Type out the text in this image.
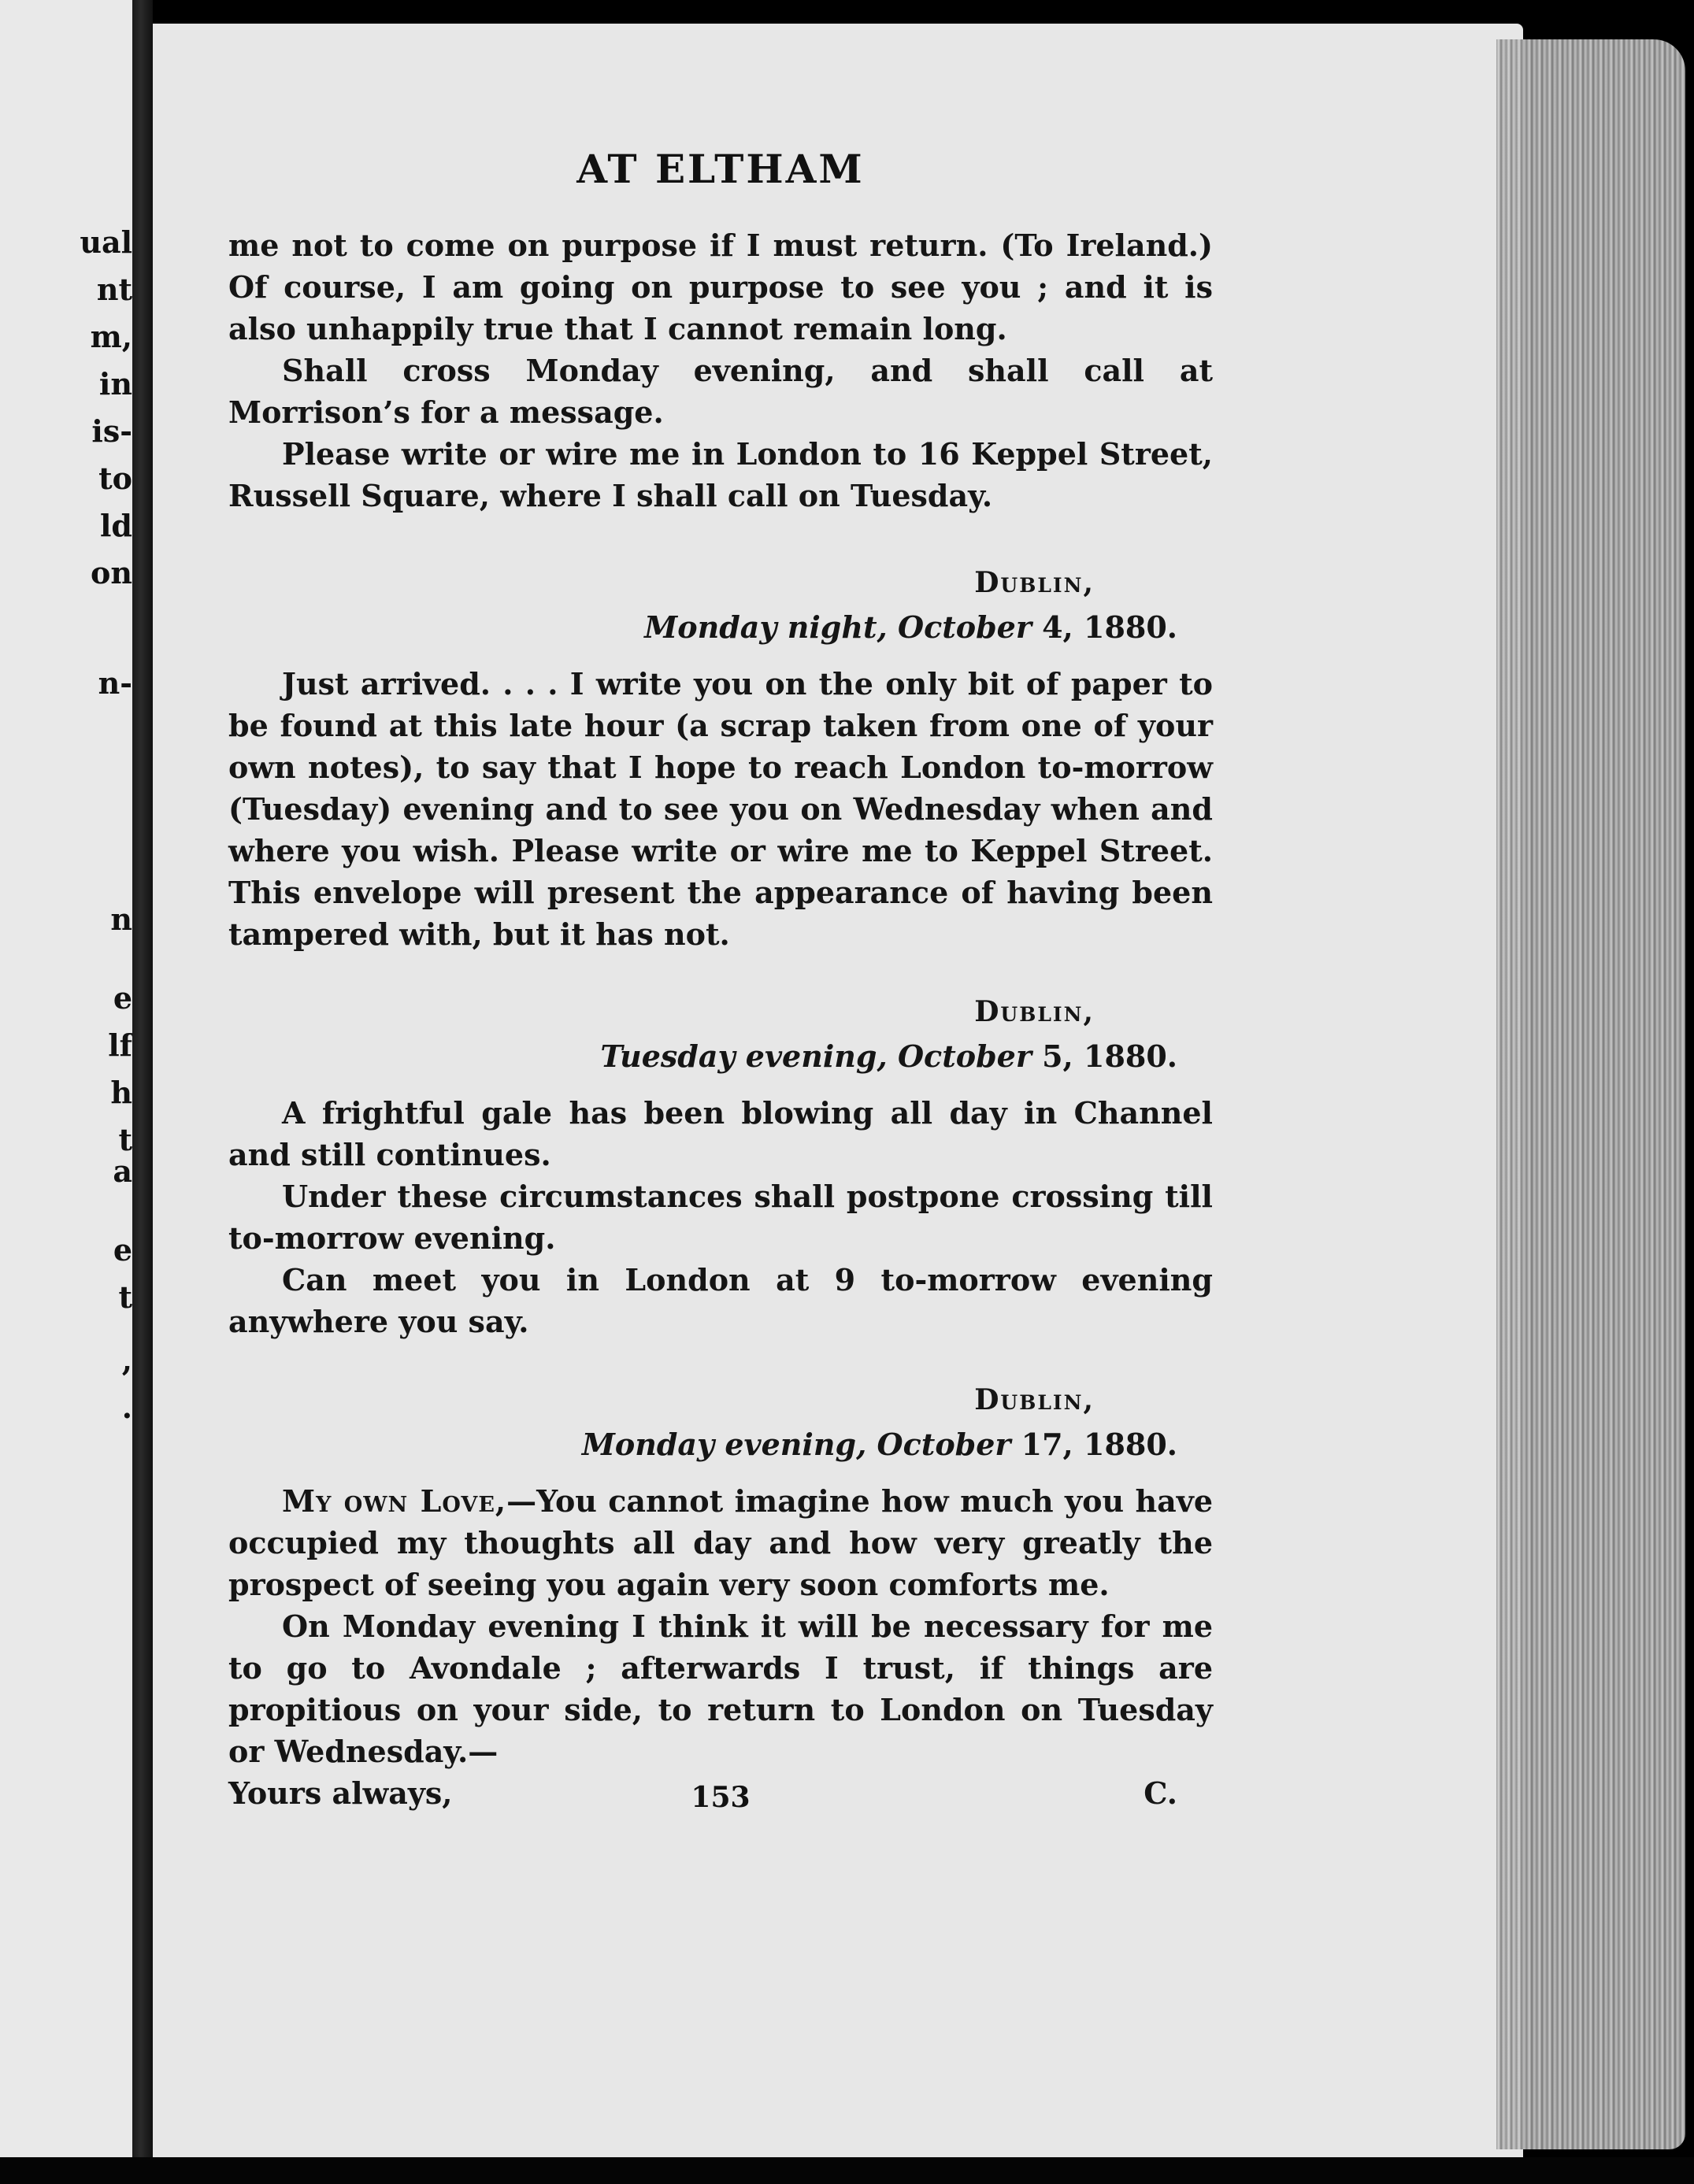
ual
nt
m,
in
is-
to
ld
on
n-
n
e
lf
h
t
a
e
t
,
.
AT ELTHAM

me not to come on purpose if I must return. (To Ireland.) Of course, I am going on purpose to see you ; and it is also unhappily true that I cannot remain long.

Shall cross Monday evening, and shall call at Morrison’s for a message.

Please write or wire me in London to 16 Keppel Street, Russell Square, where I shall call on Tuesday.

Dublin,
Monday night, October 4, 1880.

Just arrived. . . . I write you on the only bit of paper to be found at this late hour (a scrap taken from one of your own notes), to say that I hope to reach London to-morrow (Tuesday) evening and to see you on Wednesday when and where you wish. Please write or wire me to Keppel Street. This envelope will present the appearance of having been tampered with, but it has not.

Dublin,
Tuesday evening, October 5, 1880.

A frightful gale has been blowing all day in Channel and still continues.

Under these circumstances shall postpone crossing till to-morrow evening.

Can meet you in London at 9 to-morrow evening anywhere you say.

Dublin,
Monday evening, October 17, 1880.

My own Love,—You cannot imagine how much you have occupied my thoughts all day and how very greatly the prospect of seeing you again very soon comforts me.

On Monday evening I think it will be necessary for me to go to Avondale ; afterwards I trust, if things are propitious on your side, to return to London on Tuesday or Wednesday.—

Yours always,	C.
153
